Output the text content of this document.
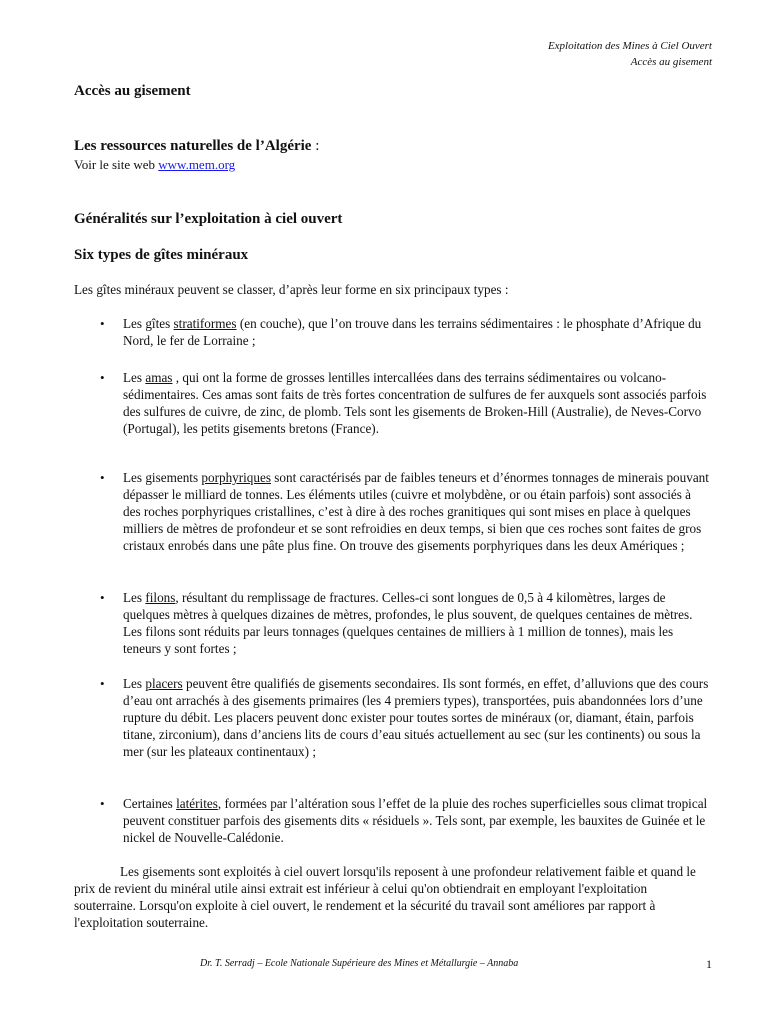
Exploitation des Mines à Ciel Ouvert
Accès au gisement
Accès au gisement
Les ressources naturelles de l’Algérie :
Voir le site web www.mem.org
Généralités sur l’exploitation à ciel ouvert
Six types de gîtes minéraux

Les gîtes minéraux peuvent se classer, d’après leur forme en six principaux types :

• Les gîtes stratiformes (en couche), que l’on trouve dans les terrains sédimentaires : le phosphate d’Afrique du Nord, le fer de Lorraine ;

• Les amas , qui ont la forme de grosses lentilles intercallées dans des terrains sédimentaires ou volcano-sédimentaires. Ces amas sont faits de très fortes concentration de sulfures de fer auxquels sont associés parfois des sulfures de cuivre, de zinc, de plomb. Tels sont les gisements de Broken-Hill (Australie), de Neves-Corvo (Portugal), les petits gisements bretons (France).

• Les gisements porphyriques sont caractérisés par de faibles teneurs et d’énormes tonnages de minerais pouvant dépasser le milliard de tonnes. Les éléments utiles (cuivre et molybdène, or ou étain parfois) sont associés à des roches porphyriques cristallines, c’est à dire à des roches granitiques qui sont mises en place à quelques milliers de mètres de profondeur et se sont refroidies en deux temps, si bien que ces roches sont faites de gros cristaux enrobés dans une pâte plus fine. On trouve des gisements porphyriques dans les deux Amériques ;

• Les filons, résultant du remplissage de fractures. Celles-ci sont longues de 0,5 à 4 kilomètres, larges de quelques mètres à quelques dizaines de mètres, profondes, le plus souvent, de quelques centaines de mètres. Les filons sont réduits par leurs tonnages (quelques centaines de milliers à 1 million de tonnes), mais les teneurs y sont fortes ;

• Les placers peuvent être qualifiés de gisements secondaires. Ils sont formés, en effet, d’alluvions que des cours d’eau ont arrachés à des gisements primaires (les 4 premiers types), transportées, puis abandonnées lors d’une rupture du débit. Les placers peuvent donc exister pour toutes sortes de minéraux (or, diamant, étain, parfois titane, zirconium), dans d’anciens lits de cours d’eau situés actuellement au sec (sur les continents) ou sous la mer (sur les plateaux continentaux) ;

• Certaines latérites, formées par l’altération sous l’effet de la pluie des roches superficielles sous climat tropical peuvent constituer parfois des gisements dits « résiduels ». Tels sont, par exemple, les bauxites de Guinée et le nickel de Nouvelle-Calédonie.

Les gisements sont exploités à ciel ouvert lorsqu'ils reposent à une profondeur relativement faible et quand le prix de revient du minéral utile ainsi extrait est inférieur à celui qu'on obtiendrait en employant l'exploitation souterraine. Lorsqu'on exploite à ciel ouvert, le rendement et la sécurité du travail sont améliores par rapport à l'exploitation souterraine.

Dr. T. Serradj – Ecole Nationale Supérieure des Mines et Métallurgie – Annaba	1
